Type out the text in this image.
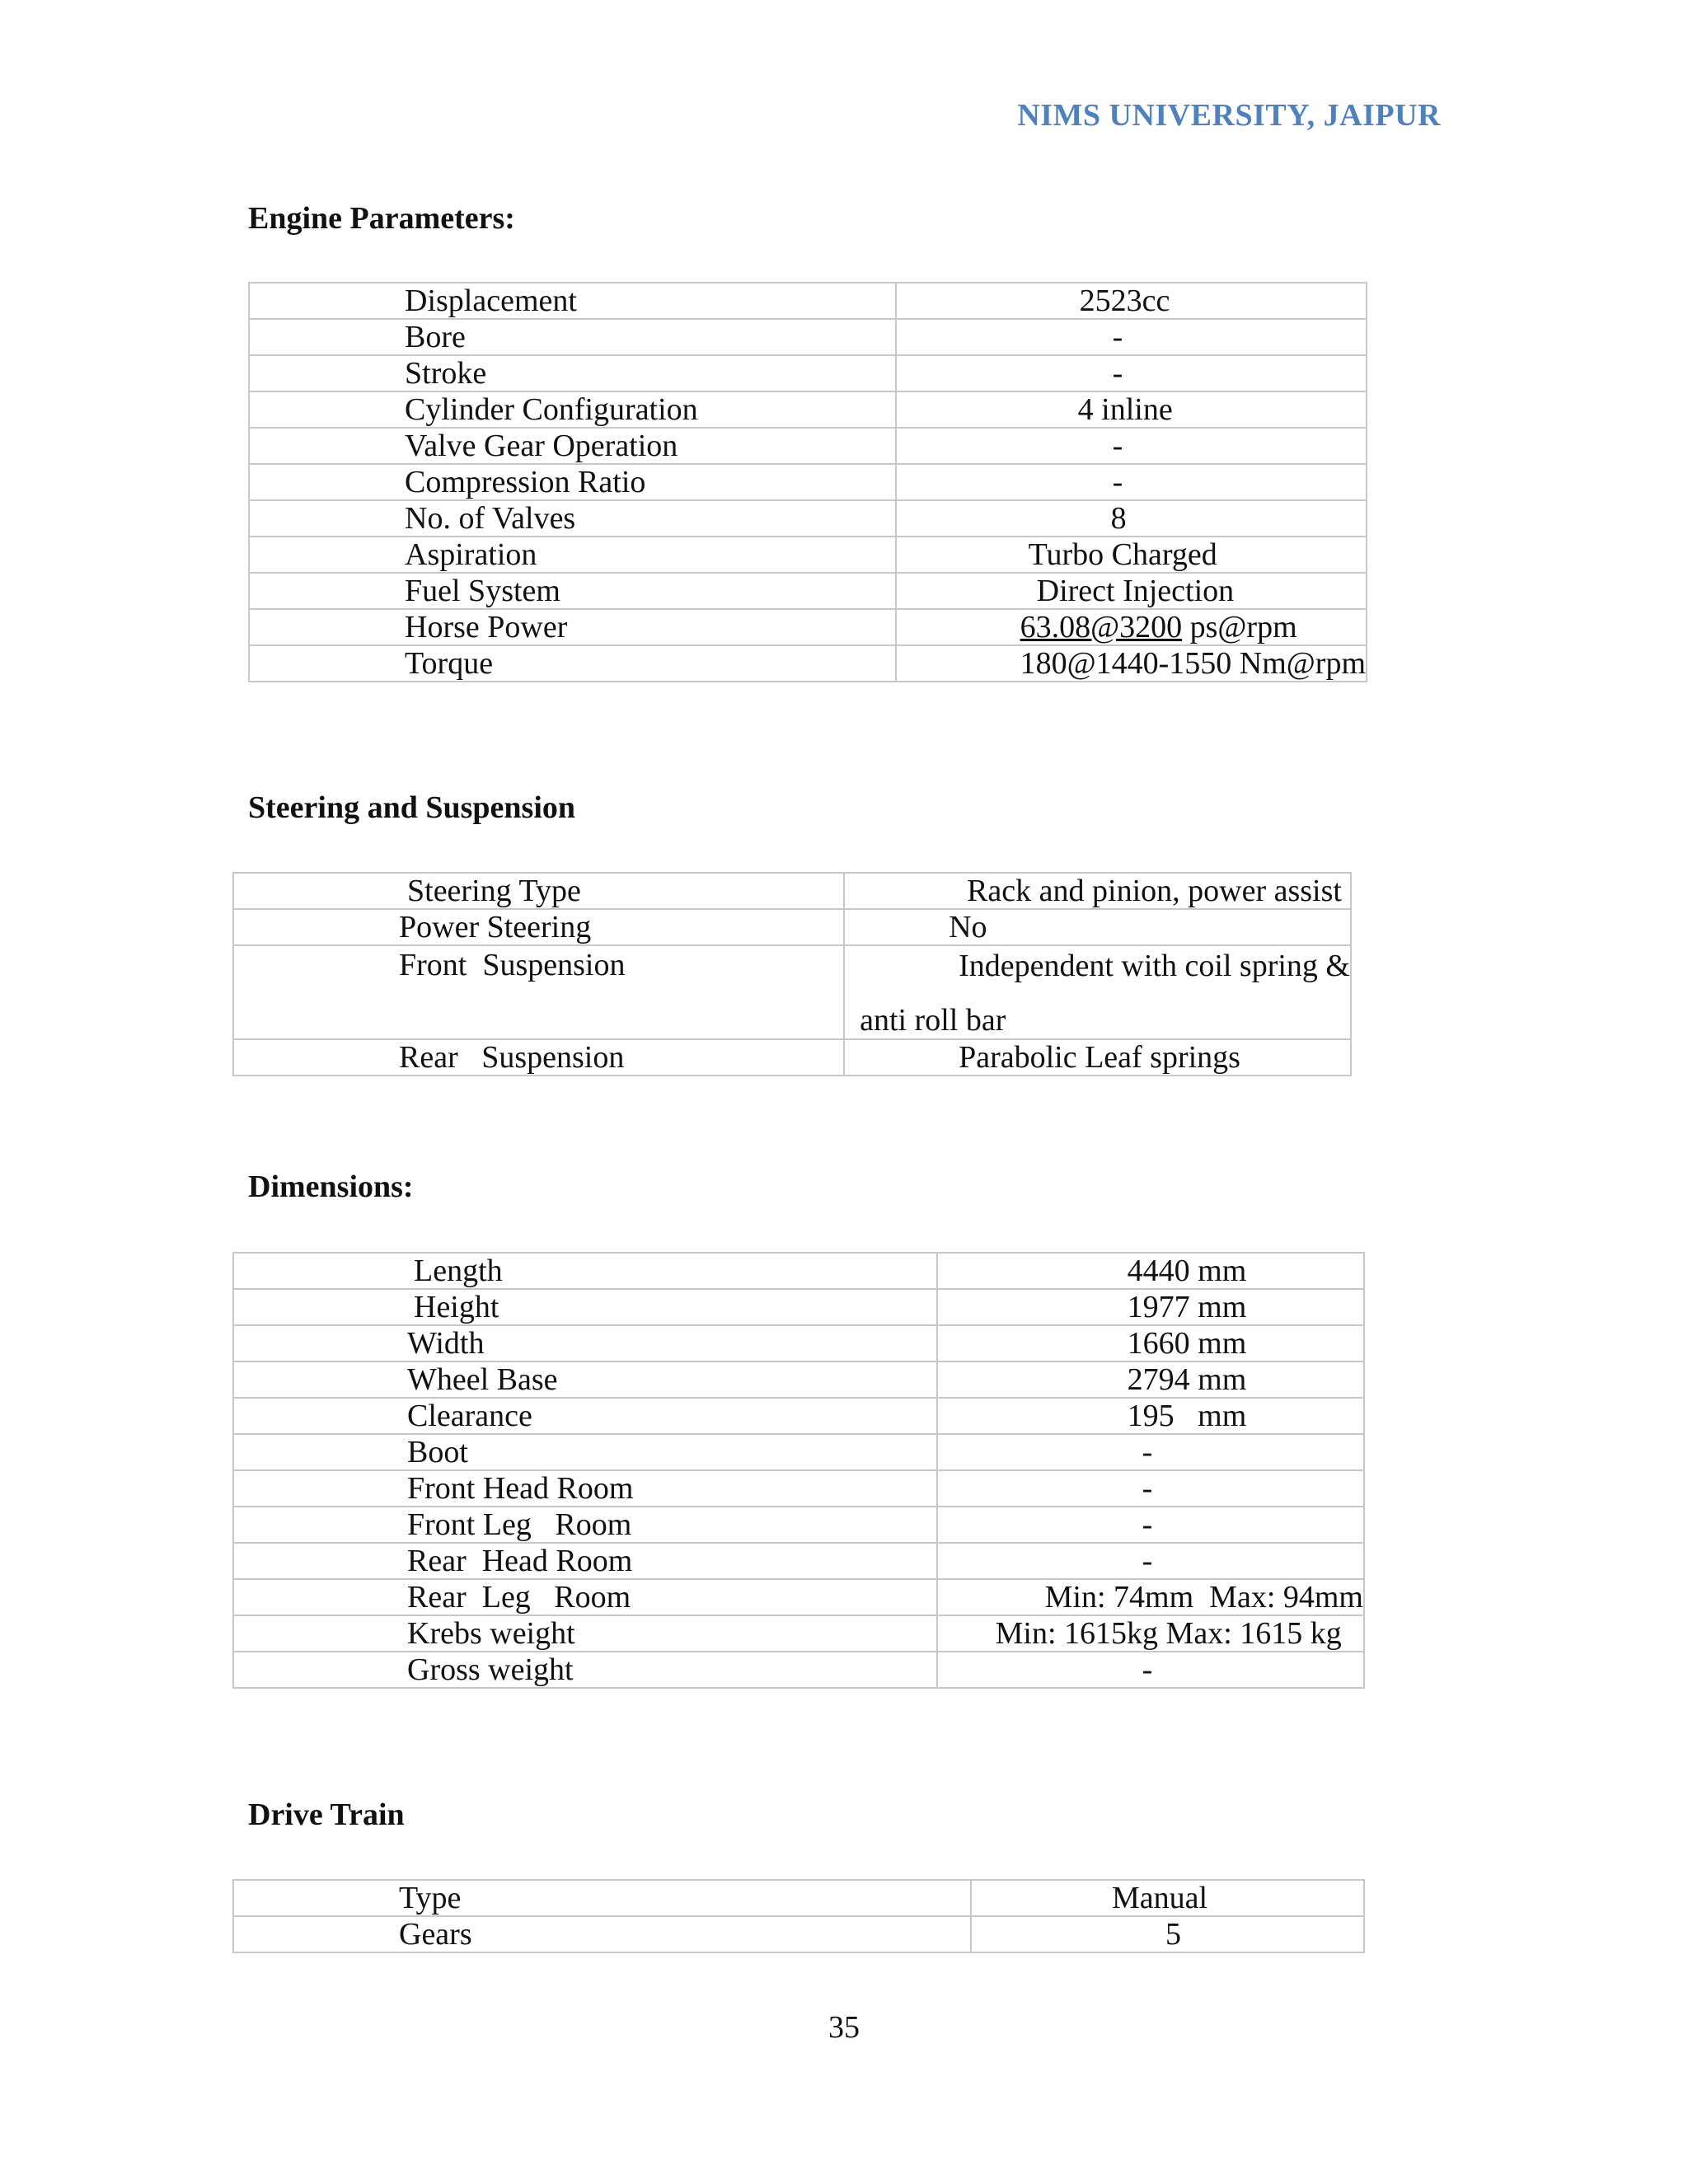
NIMS UNIVERSITY, JAIPUR
Engine Parameters:
Displacement	2523cc
Bore	-
Stroke	-
Cylinder Configuration	4 inline
Valve Gear Operation	-
Compression Ratio	-
No. of Valves	8
Aspiration	Turbo Charged
Fuel System	Direct Injection
Horse Power	63.08@3200 ps@rpm
Torque	180@1440-1550 Nm@rpm
Steering and Suspension
Steering Type	Rack and pinion, power assist
Power Steering	No
Front  Suspension	Independent with coil spring &
anti roll bar

Rear   Suspension	Parabolic Leaf springs
Dimensions:
Length	4440 mm
Height	1977 mm
Width	1660 mm
Wheel Base	2794 mm
Clearance	195   mm
Boot	-
Front Head Room	-
Front Leg   Room	-
Rear  Head Room	-
Rear  Leg   Room	Min: 74mm  Max: 94mm
Krebs weight	Min: 1615kg Max: 1615 kg
Gross weight	-
Drive Train
Type	Manual
Gears	5
35
